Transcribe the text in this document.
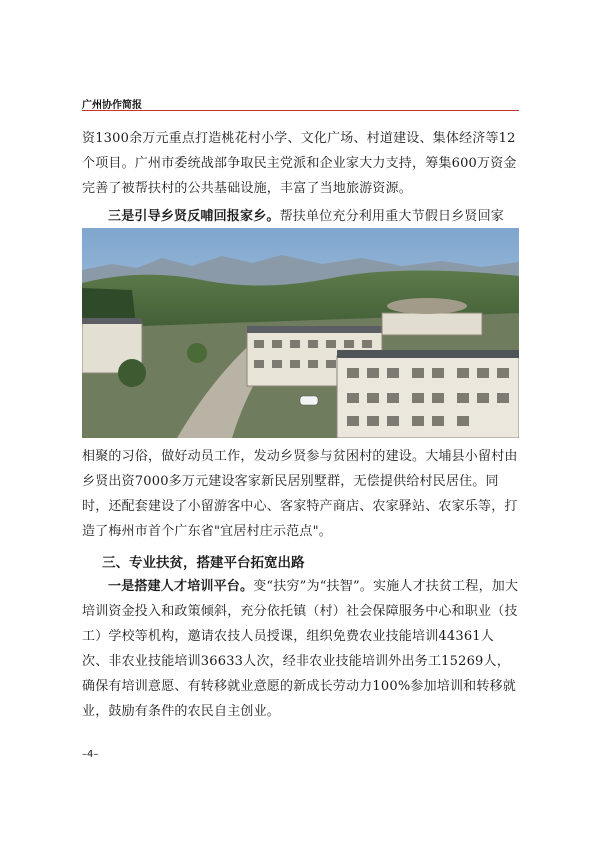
广州协作简报

资1300余万元重点打造桃花村小学、文化广场、村道建设、集体经济等12个项目。广州市委统战部争取民主党派和企业家大力支持，筹集600万资金完善了被帮扶村的公共基础设施，丰富了当地旅游资源。

三是引导乡贤反哺回报家乡。帮扶单位充分利用重大节假日乡贤回家

相聚的习俗，做好动员工作，发动乡贤参与贫困村的建设。大埔县小留村由乡贤出资7000多万元建设客家新民居别墅群，无偿提供给村民居住。同时，还配套建设了小留游客中心、客家特产商店、农家驿站、农家乐等，打造了梅州市首个广东省"宜居村庄示范点"。

三、专业扶贫，搭建平台拓宽出路

一是搭建人才培训平台。变“扶穷”为“扶智”。实施人才扶贫工程，加大培训资金投入和政策倾斜，充分依托镇（村）社会保障服务中心和职业（技工）学校等机构，邀请农技人员授课，组织免费农业技能培训44361人次、非农业技能培训36633人次，经非农业技能培训外出务工15269人，确保有培训意愿、有转移就业意愿的新成长劳动力100%参加培训和转移就业，鼓励有条件的农民自主创业。

–4–
